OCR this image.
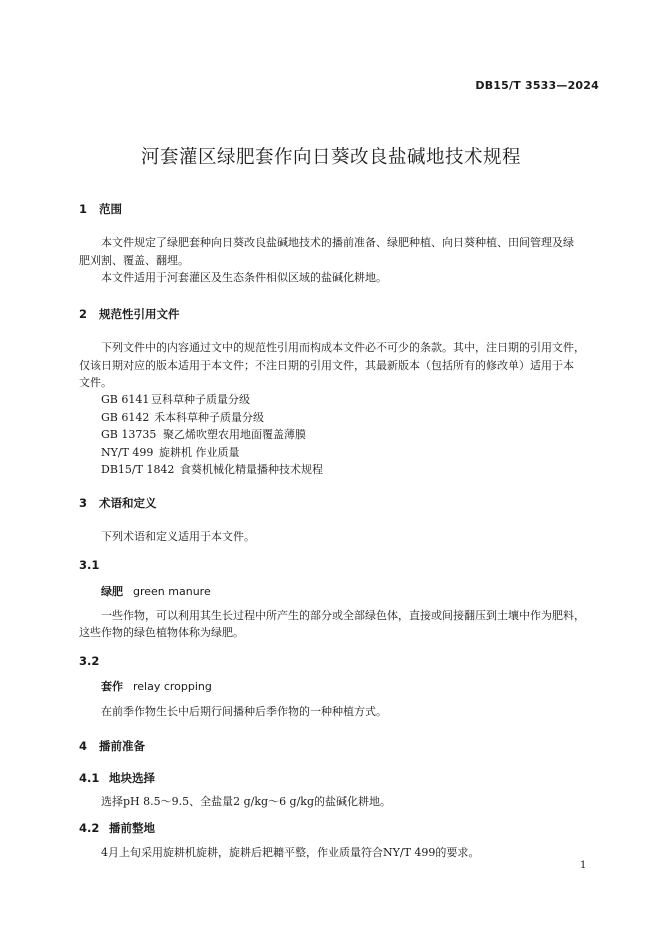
DB15/T 3533—2024
河套灌区绿肥套作向日葵改良盐碱地技术规程
1 范围
本文件规定了绿肥套种向日葵改良盐碱地技术的播前准备、绿肥种植、向日葵种植、田间管理及绿
肥刈割、覆盖、翻埋。
本文件适用于河套灌区及生态条件相似区域的盐碱化耕地。
2 规范性引用文件
下列文件中的内容通过文中的规范性引用而构成本文件必不可少的条款。其中，注日期的引用文件，
仅该日期对应的版本适用于本文件；不注日期的引用文件，其最新版本（包括所有的修改单）适用于本
文件。
GB 6141 豆科草种子质量分级
GB 6142 禾本科草种子质量分级
GB 13735 聚乙烯吹塑农用地面覆盖薄膜
NY/T 499 旋耕机 作业质量
DB15/T 1842 食葵机械化精量播种技术规程
3 术语和定义
下列术语和定义适用于本文件。
3.1
绿肥 green manure
一些作物，可以利用其生长过程中所产生的部分或全部绿色体，直接或间接翻压到土壤中作为肥料，
这些作物的绿色植物体称为绿肥。
3.2
套作 relay cropping
在前季作物生长中后期行间播种后季作物的一种种植方式。
4 播前准备
4.1 地块选择
选择pH 8.5～9.5、全盐量2 g/kg～6 g/kg的盐碱化耕地。
4.2 播前整地
4月上旬采用旋耕机旋耕，旋耕后耙耱平整，作业质量符合NY/T 499的要求。
1
